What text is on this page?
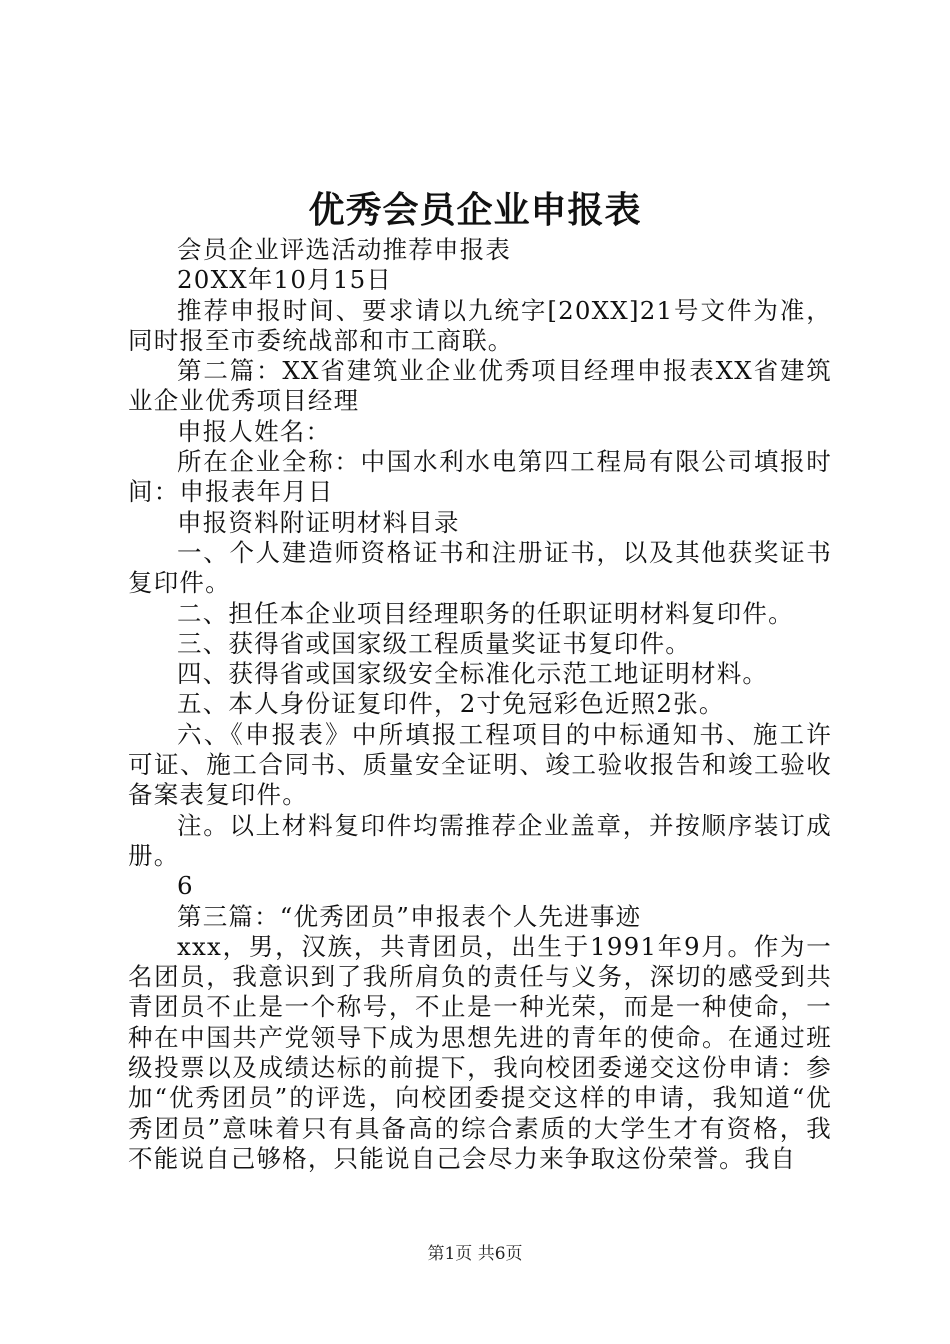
优秀会员企业申报表

会员企业评选活动推荐申报表

20XX年10月15日

推荐申报时间、要求请以九统字[20XX]21号文件为准，同时报至市委统战部和市工商联。

第二篇：XX省建筑业企业优秀项目经理申报表XX省建筑业企业优秀项目经理

申报人姓名：

所在企业全称：中国水利水电第四工程局有限公司填报时间：申报表年月日

申报资料附证明材料目录

一、个人建造师资格证书和注册证书，以及其他获奖证书复印件。

二、担任本企业项目经理职务的任职证明材料复印件。

三、获得省或国家级工程质量奖证书复印件。

四、获得省或国家级安全标准化示范工地证明材料。

五、本人身份证复印件，2寸免冠彩色近照2张。

六、《申报表》中所填报工程项目的中标通知书、施工许可证、施工合同书、质量安全证明、竣工验收报告和竣工验收备案表复印件。

注。以上材料复印件均需推荐企业盖章，并按顺序装订成册。

6

第三篇：“优秀团员”申报表个人先进事迹

xxx，男，汉族，共青团员，出生于1991年9月。作为一名团员，我意识到了我所肩负的责任与义务，深切的感受到共青团员不止是一个称号，不止是一种光荣，而是一种使命，一种在中国共产党领导下成为思想先进的青年的使命。在通过班级投票以及成绩达标的前提下，我向校团委递交这份申请：参加“优秀团员”的评选，向校团委提交这样的申请，我知道“优秀团员”意味着只有具备高的综合素质的大学生才有资格，我不能说自己够格，只能说自己会尽力来争取这份荣誉。我自

第1页 共6页
